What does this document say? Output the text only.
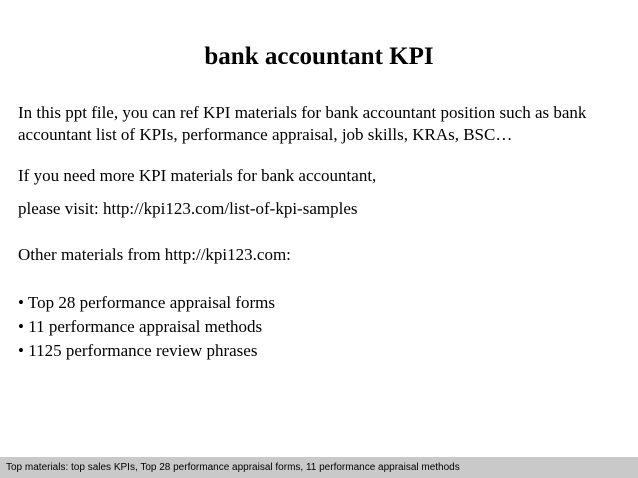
bank accountant KPI
In this ppt file, you can ref KPI materials for bank accountant position such as bank accountant list of KPIs, performance appraisal, job skills, KRAs, BSC…
If you need more KPI materials for bank accountant,
please visit: http://kpi123.com/list-of-kpi-samples
Other materials from http://kpi123.com:
• Top 28 performance appraisal forms
• 11 performance appraisal methods
• 1125 performance review phrases
Top materials: top sales KPIs, Top 28 performance appraisal forms, 11 performance appraisal methods
